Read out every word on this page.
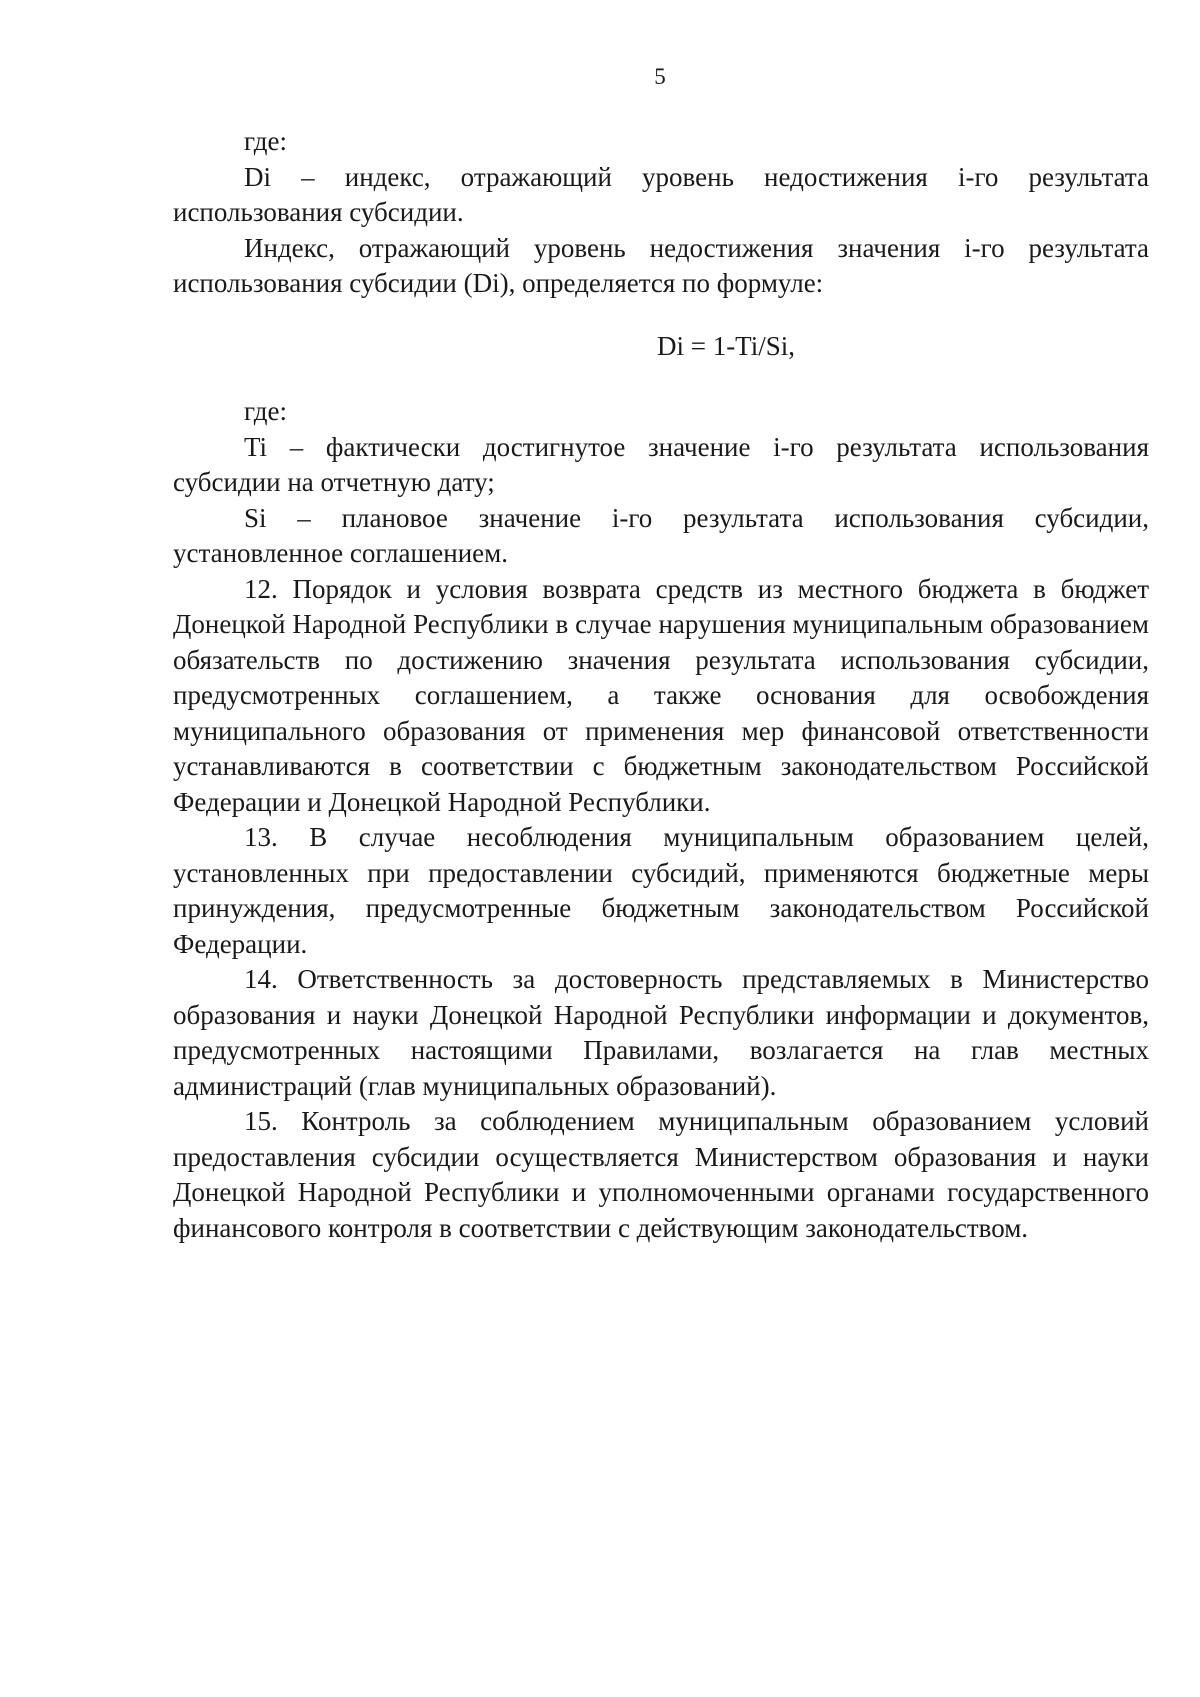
5

где:

Di – индекс, отражающий уровень недостижения i-го результата использования субсидии.

Индекс, отражающий уровень недостижения значения i-го результата использования субсидии (Di), определяется по формуле:

Di = 1-Ti/Si,

где:

Ti – фактически достигнутое значение i-го результата использования субсидии на отчетную дату;

Si – плановое значение i-го результата использования субсидии, установленное соглашением.

12. Порядок и условия возврата средств из местного бюджета в бюджет Донецкой Народной Республики в случае нарушения муниципальным образованием обязательств по достижению значения результата использования субсидии, предусмотренных соглашением, а также основания для освобождения муниципального образования от применения мер финансовой ответственности устанавливаются в соответствии с бюджетным законодательством Российской Федерации и Донецкой Народной Республики.

13. В случае несоблюдения муниципальным образованием целей, установленных при предоставлении субсидий, применяются бюджетные меры принуждения, предусмотренные бюджетным законодательством Российской Федерации.

14. Ответственность за достоверность представляемых в Министерство образования и науки Донецкой Народной Республики информации и документов, предусмотренных настоящими Правилами, возлагается на глав местных администраций (глав муниципальных образований).

15. Контроль за соблюдением муниципальным образованием условий предоставления субсидии осуществляется Министерством образования и науки Донецкой Народной Республики и уполномоченными органами государственного финансового контроля в соответствии с действующим законодательством.
